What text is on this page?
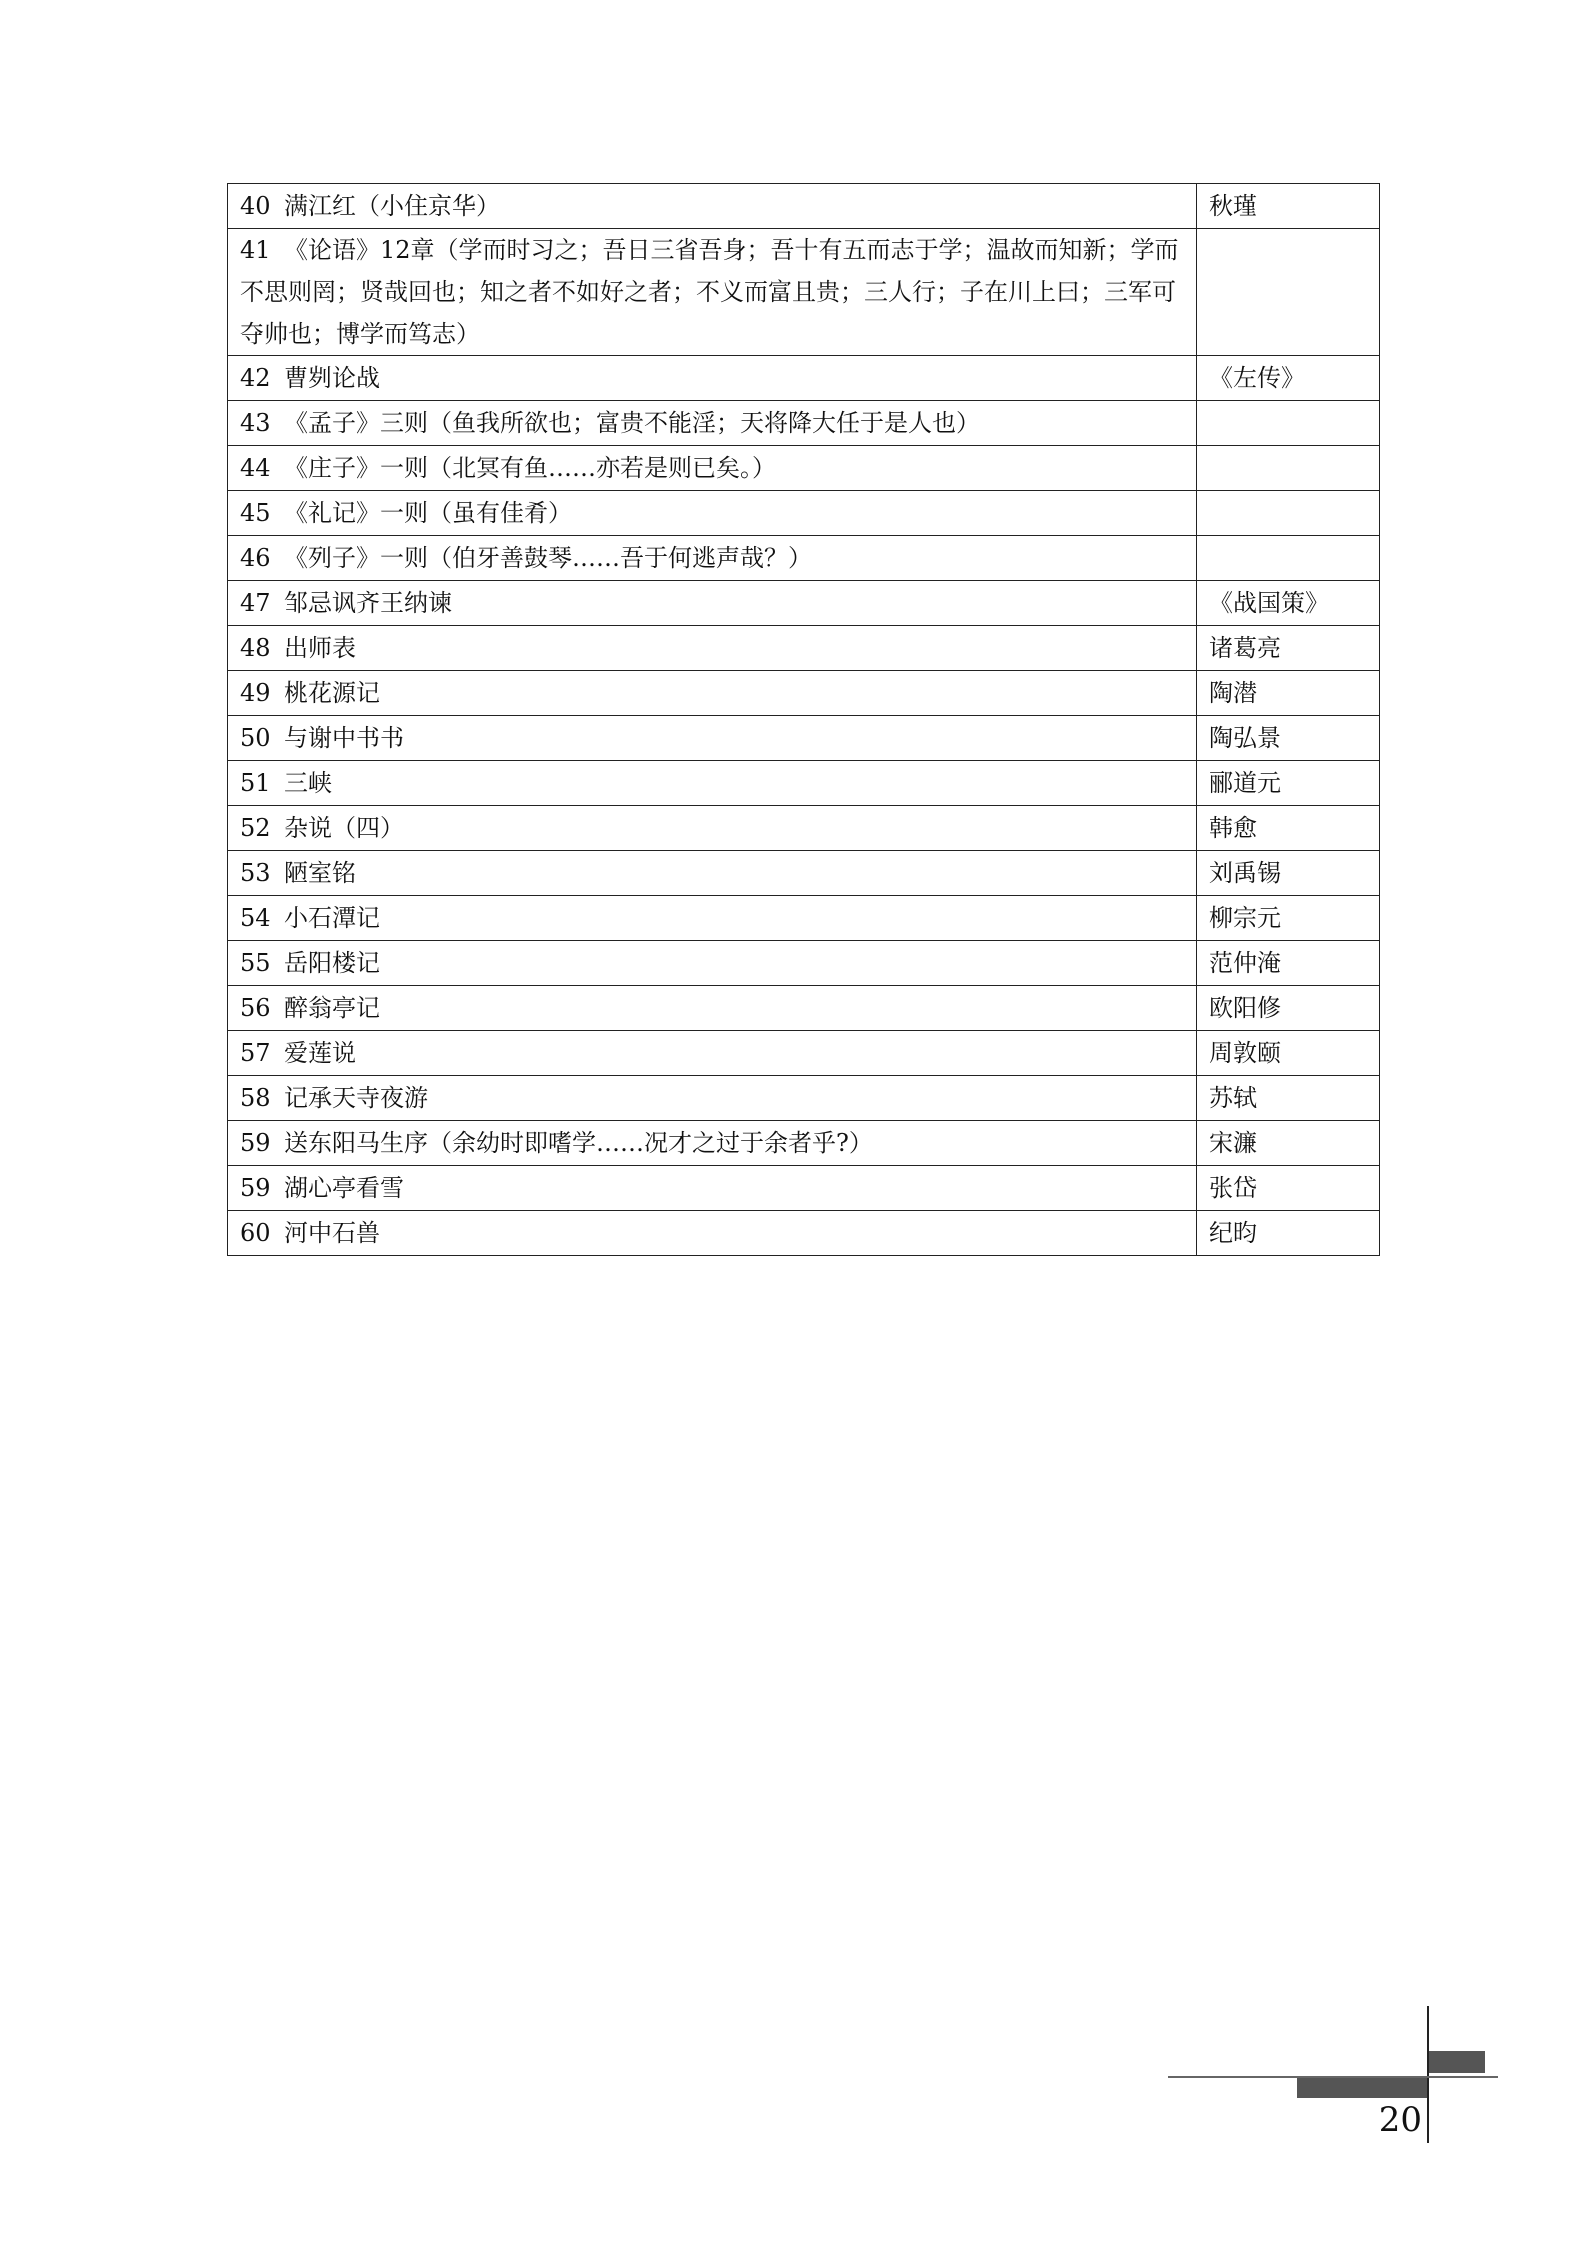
40 满江红（小住京华）	秋瑾
41 《论语》12章（学而时习之；吾日三省吾身；吾十有五而志于学；温故而知新；学而不思则罔；贤哉回也；知之者不如好之者；不义而富且贵；三人行；子在川上曰；三军可夺帅也；博学而笃志）	
42 曹刿论战	《左传》
43 《孟子》三则（鱼我所欲也；富贵不能淫；天将降大任于是人也）	
44 《庄子》一则（北冥有鱼……亦若是则已矣。）	
45 《礼记》一则（虽有佳肴）	
46 《列子》一则（伯牙善鼓琴……吾于何逃声哉？）	
47 邹忌讽齐王纳谏	《战国策》
48 出师表	诸葛亮
49 桃花源记	陶潜
50 与谢中书书	陶弘景
51 三峡	郦道元
52 杂说（四）	韩愈
53 陋室铭	刘禹锡
54 小石潭记	柳宗元
55 岳阳楼记	范仲淹
56 醉翁亭记	欧阳修
57 爱莲说	周敦颐
58 记承天寺夜游	苏轼
59 送东阳马生序（余幼时即嗜学……况才之过于余者乎?）	宋濂
59 湖心亭看雪	张岱
60 河中石兽	纪昀
20
